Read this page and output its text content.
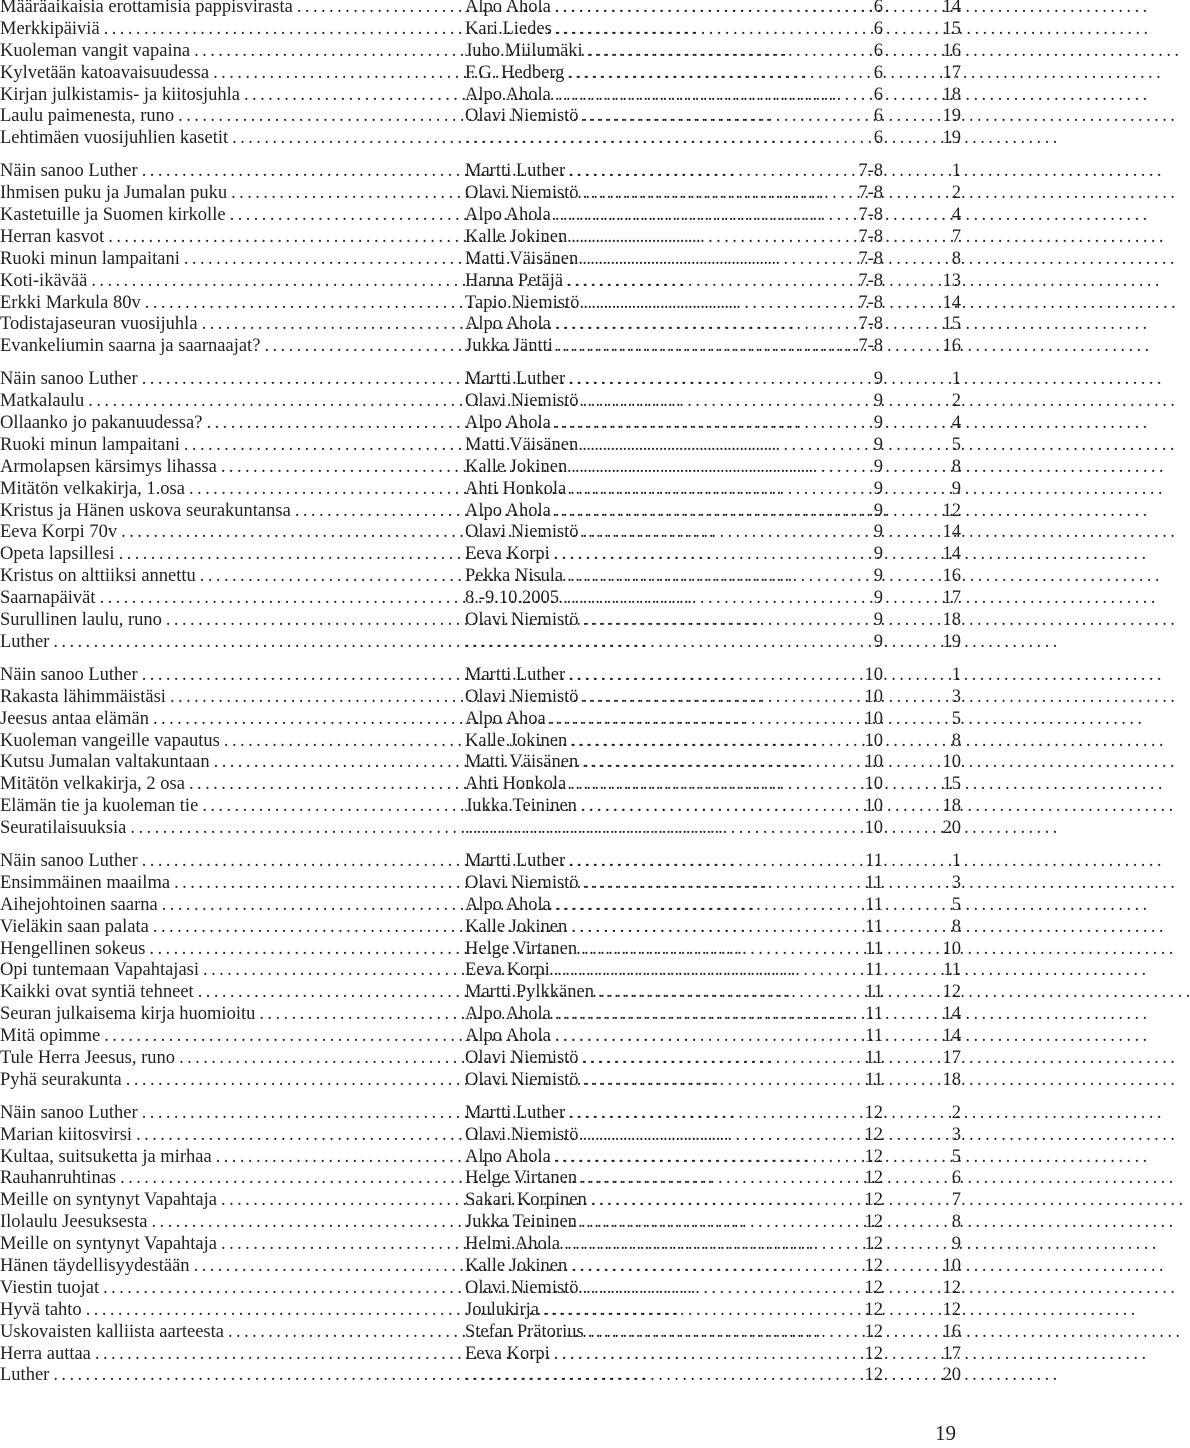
Määräaikaisia erottamisia pappisvirasta . . .	Alpo Ahola . . .	6	14
Merkkipäiviä . . .	Kari Liedes . . .	6	15
Kuoleman vangit vapaina . . .	Juho Miilumäki . . .	6	16
Kylvetään katoavaisuudessa . . .	F.G. Hedberg . . .	6	17
Kirjan julkistamis- ja kiitosjuhla . . .	Alpo Ahola . . .	6	18
Laulu paimenesta, runo . . .	Olavi Niemistö . . .	6	19
Lehtimäen vuosijuhlien kasetit . . . . . .	6	19
Näin sanoo Luther . . .	Martti Luther . . .	7-8	1
Ihmisen puku ja Jumalan puku . . .	Olavi Niemistö . . .	7-8	2
Kastetuille ja Suomen kirkolle . . .	Alpo Ahola . . .	7-8	4
Herran kasvot . . .	Kalle Jokinen . . .	7-8	7
Ruoki minun lampaitani . . .	Matti Väisänen . . .	7-8	8
Koti-ikävää . . .	Hanna Petäjä . . .	7-8	13
Erkki Markula 80v . . .	Tapio Niemistö . . .	7-8	14
Todistajaseuran vuosijuhla . . .	Alpo Ahola . . .	7-8	15
Evankeliumin saarna ja saarnaajat? . . .	Jukka Jäntti . . .	7-8	16
Näin sanoo Luther . . .	Martti Luther . . .	9	1
Matkalaulu . . .	Olavi Niemistö . . .	9	2
Ollaanko jo pakanuudessa? . . .	Alpo Ahola . . .	9	4
Ruoki minun lampaitani . . .	Matti Väisänen . . .	9	5
Armolapsen kärsimys lihassa . . .	Kalle Jokinen . . .	9	8
Mitätön velkakirja, 1.osa . . .	Ahti Honkola . . .	9	9
Kristus ja Hänen uskova seurakuntansa . . .	Alpo Ahola . . .	9	12
Eeva Korpi 70v . . .	Olavi Niemistö . . .	9	14
Opeta lapsillesi . . .	Eeva Korpi . . .	9	14
Kristus on alttiiksi annettu . . .	Pekka Nisula . . .	9	16
Saarnapäivät . . .	8.-9.10.2005 . . .	9	17
Surullinen laulu, runo . . .	Olavi Niemistö . . .	9	18
Luther . . . . . .	9	19
Näin sanoo Luther . . .	Martti Luther . . .	10	1
Rakasta lähimmäistäsi . . .	Olavi Niemistö . . .	10	3
Jeesus antaa elämän . . .	Alpo Ahoa . . .	10	5
Kuoleman vangeille vapautus . . .	Kalle Jokinen . . .	10	8
Kutsu Jumalan valtakuntaan . . .	Matti Väisänen . . .	10	10
Mitätön velkakirja, 2 osa . . .	Ahti Honkola . . .	10	15
Elämän tie ja kuoleman tie . . .	Jukka Teininen . . .	10	18
Seuratilaisuuksia . . . . . .	10	20
Näin sanoo Luther . . .	Martti Luther . . .	11	1
Ensimmäinen maailma . . .	Olavi Niemistö . . .	11	3
Aihejohtoinen saarna . . .	Alpo Ahola . . .	11	5
Vieläkin saan palata . . .	Kalle Jokinen . . .	11	8
Hengellinen sokeus . . .	Helge Virtanen . . .	11	10
Opi tuntemaan Vapahtajasi . . .	Eeva Korpi . . .	11	11
Kaikki ovat syntiä tehneet . . .	Martti Pylkkänen . . .	11	12
Seuran julkaisema kirja huomioitu . . .	Alpo Ahola . . .	11	14
Mitä opimme . . .	Alpo Ahola . . .	11	14
Tule Herra Jeesus, runo . . .	Olavi Niemistö . . .	11	17
Pyhä seurakunta . . .	Olavi Niemistö . . .	11	18
Näin sanoo Luther . . .	Martti Luther . . .	12	2
Marian kiitosvirsi . . .	Olavi Niemistö . . .	12	3
Kultaa, suitsuketta ja mirhaa . . .	Alpo Ahola . . .	12	5
Rauhanruhtinas . . .	Helge Virtanen . . .	12	6
Meille on syntynyt Vapahtaja . . .	Sakari Korpinen . . .	12	7
Ilolaulu Jeesuksesta . . .	Jukka Teininen . . .	12	8
Meille on syntynyt Vapahtaja . . .	Helmi Ahola . . .	12	9
Hänen täydellisyydestään . . .	Kalle Jokinen . . .	12	10
Viestin tuojat . . .	Olavi Niemistö . . .	12	12
Hyvä tahto . . .	Joulukirja . . .	12	12
Uskovaisten kalliista aarteesta . . .	Stefan Prätorius . . .	12	16
Herra auttaa . . .	Eeva Korpi . . .	12	17
Luther . . . . . .	12	20
19
